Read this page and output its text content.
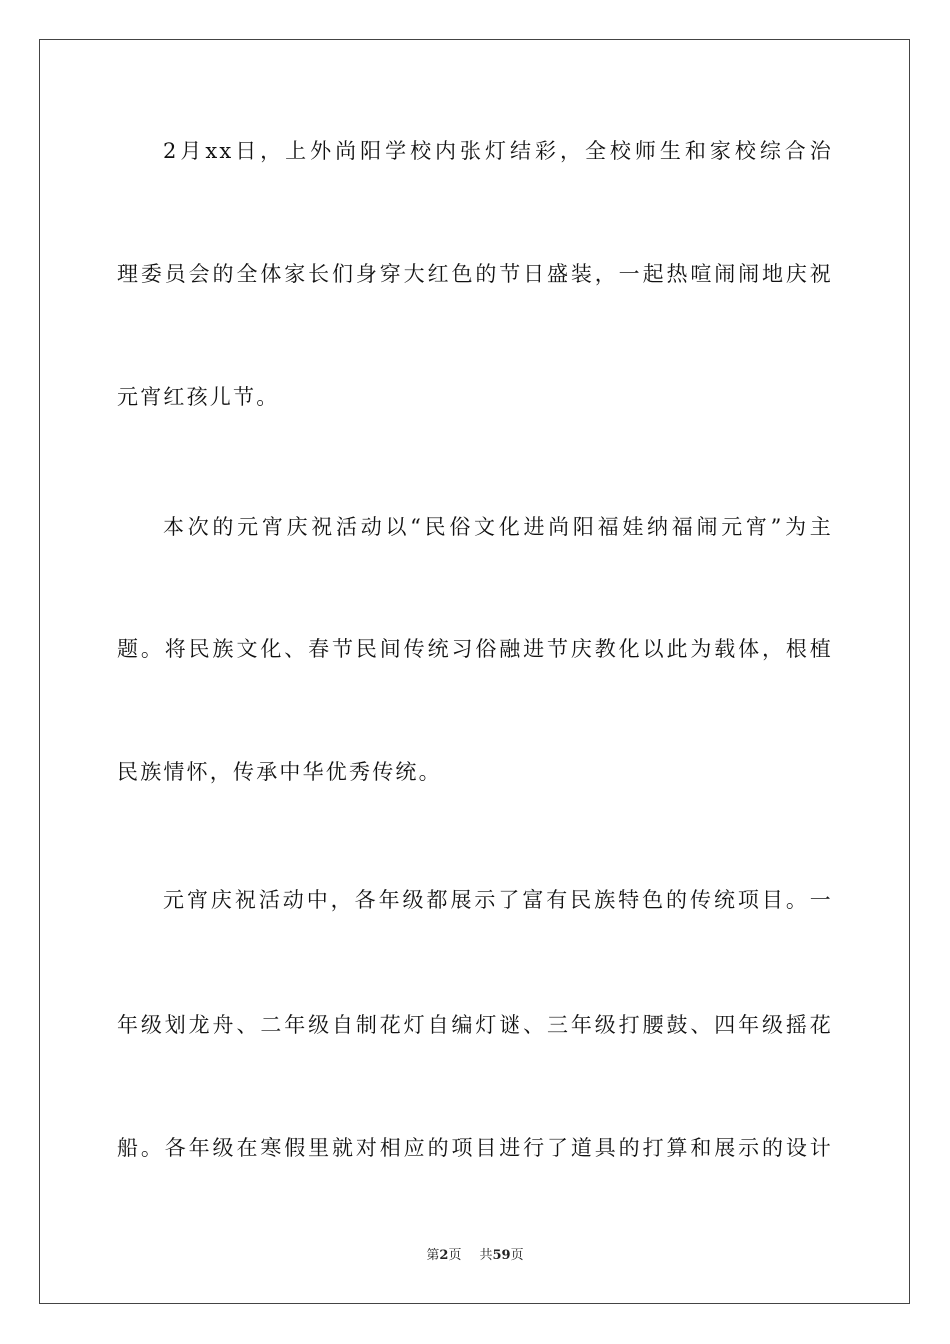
2月xx日，上外尚阳学校内张灯结彩，全校师生和家校综合治
理委员会的全体家长们身穿大红色的节日盛装，一起热喧闹闹地庆祝
元宵红孩儿节。
本次的元宵庆祝活动以“民俗文化进尚阳福娃纳福闹元宵”为主
题。将民族文化、春节民间传统习俗融进节庆教化以此为载体，根植
民族情怀，传承中华优秀传统。
元宵庆祝活动中，各年级都展示了富有民族特色的传统项目。一
年级划龙舟、二年级自制花灯自编灯谜、三年级打腰鼓、四年级摇花
船。各年级在寒假里就对相应的项目进行了道具的打算和展示的设计
第2页 共59页
